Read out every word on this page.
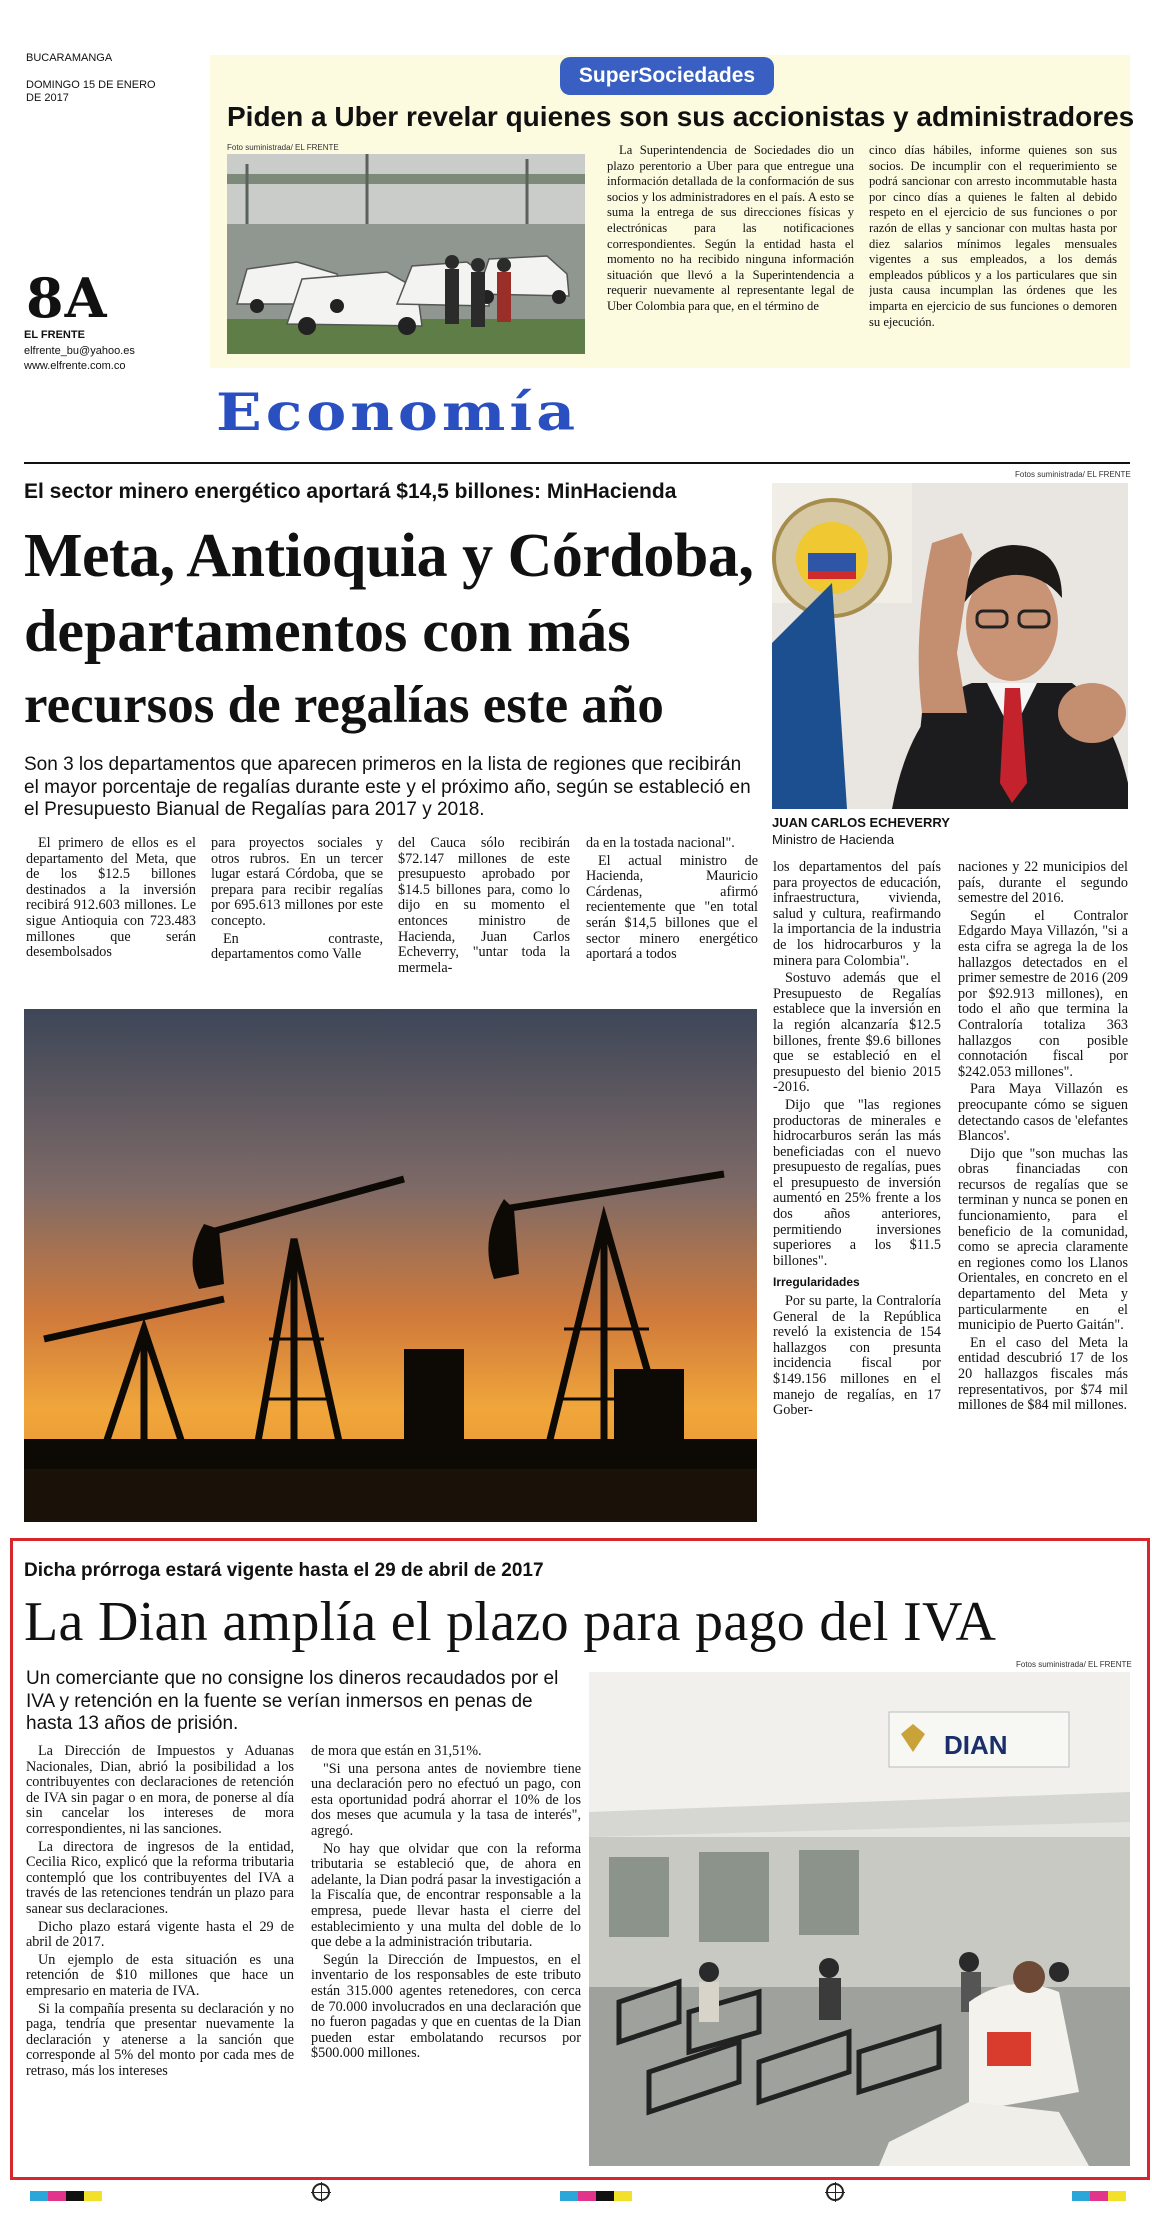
BUCARAMANGA
DOMINGO 15 DE ENERO DE 2017
8A
EL FRENTE
elfrente_bu@yahoo.es
www.elfrente.com.co
SuperSociedades
Piden a Uber revelar quienes son sus accionistas y administradores
Foto suministrada/ EL FRENTE	La Superintendencia de Sociedades dio un plazo perentorio a Uber para que entregue una información detallada de la conformación de sus socios y los administradores en el país. A esto se suma la entrega de sus direcciones físicas y electrónicas para las notificaciones correspondientes. Según la entidad hasta el momento no ha recibido ninguna información situación que llevó a la Superintendencia a requerir nuevamente al representante legal de Uber Colombia para que, en el término de

cinco días hábiles, informe quienes son sus socios. De incumplir con el requerimiento se podrá sancionar con arresto incommutable hasta por cinco días a quienes le falten al debido respeto en el ejercicio de sus funciones o por razón de ellas y sancionar con multas hasta por diez salarios mínimos legales mensuales vigentes a sus empleados, a los demás empleados públicos y a los particulares que sin justa causa incumplan las órdenes que les imparta en ejercicio de sus funciones o demoren su ejecución.

Economía
El sector minero energético aportará $14,5 billones: MinHacienda
Meta, Antioquia y Córdoba,
departamentos con más
recursos de regalías este año
Son 3 los departamentos que aparecen primeros en la lista de regiones que recibirán el mayor porcentaje de regalías durante este y el próximo año, según se estableció en el Presupuesto Bianual de Regalías para 2017 y 2018.
Fotos suministrada/ EL FRENTE
JUAN CARLOS ECHEVERRY
Ministro de Hacienda

El primero de ellos es el departamento del Meta, que de los $12.5 billones destinados a la inversión recibirá 912.603 millones. Le sigue Antioquia con 723.483 millones que serán desembolsados

para proyectos sociales y otros rubros. En un tercer lugar estará Córdoba, que se prepara para recibir regalías por 695.613 millones por este concepto.

En contraste, departamentos como Valle

del Cauca sólo recibirán $72.147 millones de este presupuesto aprobado por $14.5 billones para, como lo dijo en su momento el entonces ministro de Hacienda, Juan Carlos Echeverry, "untar toda la mermela-

da en la tostada nacional".

El actual ministro de Hacienda, Mauricio Cárdenas, afirmó recientemente que "en total serán $14,5 billones que el sector minero energético aportará a todos

los departamentos del país para proyectos de educación, infraestructura, vivienda, salud y cultura, reafirmando la importancia de la industria de los hidrocarburos y la minera para Colombia".

Sostuvo además que el Presupuesto de Regalías establece que la inversión en la región alcanzaría $12.5 billones, frente $9.6 billones que se estableció en el presupuesto del bienio 2015 -2016.

Dijo que "las regiones productoras de minerales e hidrocarburos serán las más beneficiadas con el nuevo presupuesto de regalías, pues el presupuesto de inversión aumentó en 25% frente a los dos años anteriores, permitiendo inversiones superiores a los $11.5 billones".

Irregularidades

Por su parte, la Contraloría General de la República reveló la existencia de 154 hallazgos con presunta incidencia fiscal por $149.156 millones en el manejo de regalías, en 17 Gober-

naciones y 22 municipios del país, durante el segundo semestre del 2016.

Según el Contralor Edgardo Maya Villazón, "si a esta cifra se agrega la de los hallazgos detectados en el primer semestre de 2016 (209 por $92.913 millones), en todo el año que termina la Contraloría totaliza 363 hallazgos con posible connotación fiscal por $242.053 millones".

Para Maya Villazón es preocupante cómo se siguen detectando casos de 'elefantes Blancos'.

Dijo que "son muchas las obras financiadas con recursos de regalías que se terminan y nunca se ponen en funcionamiento, para el beneficio de la comunidad, como se aprecia claramente en regiones como los Llanos Orientales, en concreto en el departamento del Meta y particularmente en el municipio de Puerto Gaitán".

En el caso del Meta la entidad descubrió 17 de los 20 hallazgos fiscales más representativos, por $74 mil millones de $84 mil millones.

Dicha prórroga estará vigente hasta el 29 de abril de 2017
La Dian amplía el plazo para pago del IVA
Fotos suministrada/ EL FRENTE
Un comerciante que no consigne los dineros recaudados por el IVA y retención en la fuente se verían inmersos en penas de hasta 13 años de prisión.

La Dirección de Impuestos y Aduanas Nacionales, Dian, abrió la posibilidad a los contribuyentes con declaraciones de retención de IVA sin pagar o en mora, de ponerse al día sin cancelar los intereses de mora correspondientes, ni las sanciones.

La directora de ingresos de la entidad, Cecilia Rico, explicó que la reforma tributaria contempló que los contribuyentes del IVA a través de las retenciones tendrán un plazo para sanear sus declaraciones.

Dicho plazo estará vigente hasta el 29 de abril de 2017.

Un ejemplo de esta situación es una retención de $10 millones que hace un empresario en materia de IVA.

Si la compañía presenta su declaración y no paga, tendría que presentar nuevamente la declaración y atenerse a la sanción que corresponde al 5% del monto por cada mes de retraso, más los intereses

de mora que están en 31,51%.

"Si una persona antes de noviembre tiene una declaración pero no efectuó un pago, con esta oportunidad podrá ahorrar el 10% de los dos meses que acumula y la tasa de interés", agregó.

No hay que olvidar que con la reforma tributaria se estableció que, de ahora en adelante, la Dian podrá pasar la investigación a la Fiscalía que, de encontrar responsable a la empresa, puede llevar hasta el cierre del establecimiento y una multa del doble de lo que debe a la administración tributaria.

Según la Dirección de Impuestos, en el inventario de los responsables de este tributo están 315.000 agentes retenedores, con cerca de 70.000 involucrados en una declaración que no fueron pagadas y que en cuentas de la Dian pueden estar embolatando recursos por $500.000 millones.

DIAN
